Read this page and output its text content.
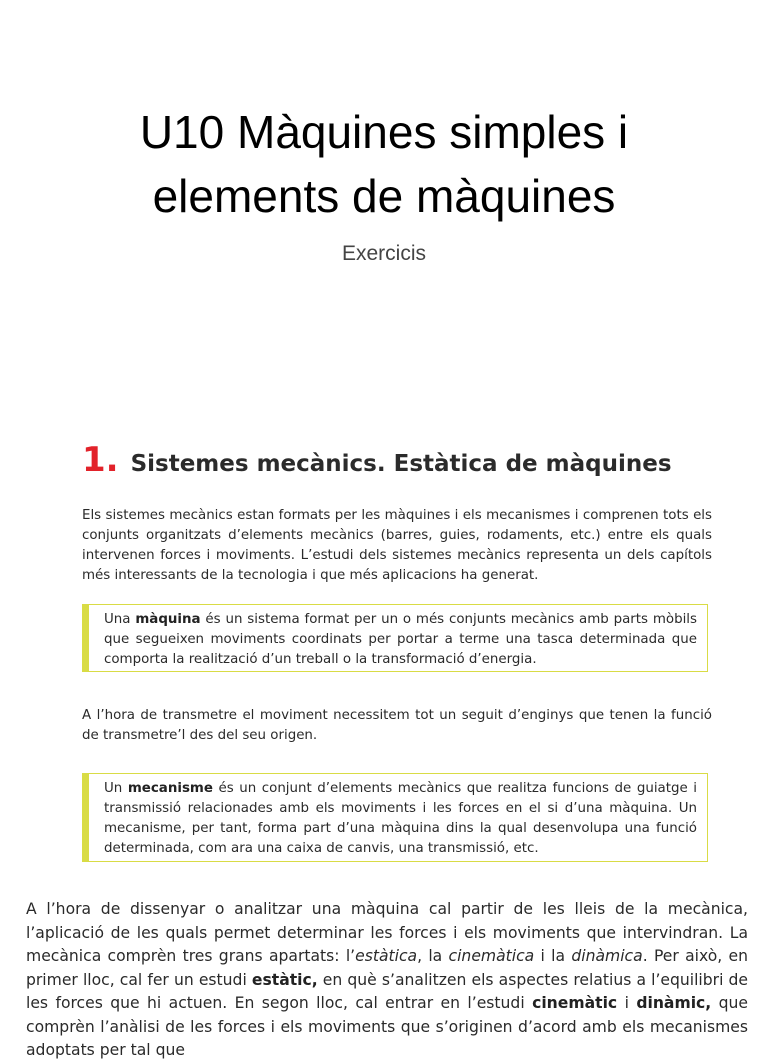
U10 Màquines simples i
elements de màquines

Exercicis

1. Sistemes mecànics. Estàtica de màquines

Els sistemes mecànics estan formats per les màquines i els mecanismes i comprenen tots els conjunts organitzats d’elements mecànics (barres, guies, rodaments, etc.) entre els quals intervenen forces i moviments. L’estudi dels sistemes mecànics representa un dels capítols més interessants de la tecnologia i que més aplicacions ha generat.

Una màquina és un sistema format per un o més conjunts mecànics amb parts mòbils que segueixen moviments coordinats per portar a terme una tasca determinada que comporta la realització d’un treball o la transformació d’energia.

A l’hora de transmetre el moviment necessitem tot un seguit d’enginys que tenen la funció de transmetre’l des del seu origen.

Un mecanisme és un conjunt d’elements mecànics que realitza funcions de guiatge i transmissió relacionades amb els moviments i les forces en el si d’una màquina. Un mecanisme, per tant, forma part d’una màquina dins la qual desenvolupa una funció determinada, com ara una caixa de canvis, una transmissió, etc.

A l’hora de dissenyar o analitzar una màquina cal partir de les lleis de la mecànica, l’aplicació de les quals permet determinar les forces i els moviments que intervindran. La mecànica comprèn tres grans apartats: l’estàtica, la cinemàtica i la dinàmica. Per això, en primer lloc, cal fer un estudi estàtic, en què s’analitzen els aspectes relatius a l’equilibri de les forces que hi actuen. En segon lloc, cal entrar en l’estudi cinemàtic i dinàmic, que comprèn l’anàlisi de les forces i els moviments que s’originen d’acord amb els mecanismes adoptats per tal que
